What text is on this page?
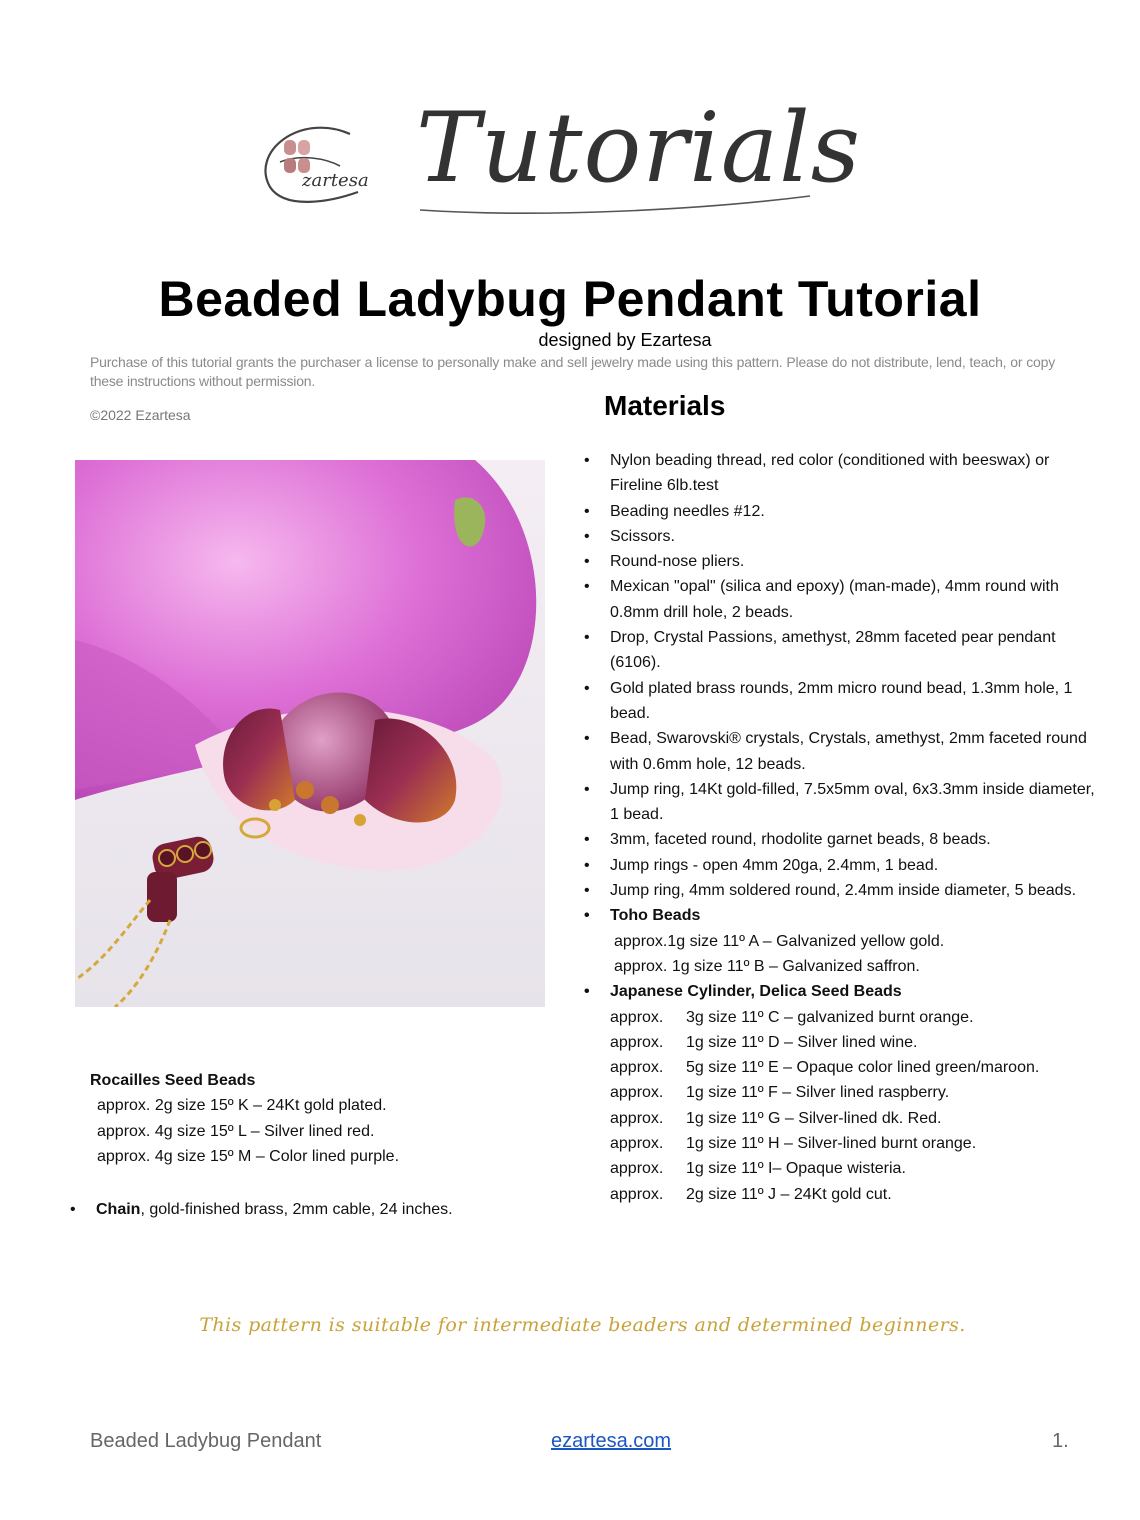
zartesa Tutorials
Beaded Ladybug Pendant Tutorial
designed by Ezartesa
Purchase of this tutorial grants the purchaser a license to personally make and sell jewelry made using this pattern. Please do not distribute, lend, teach, or copy these instructions without permission.
©2022 Ezartesa	Materials
• Nylon beading thread, red color (conditioned with beeswax) or Fireline 6lb.test
• Beading needles #12.
• Scissors.
• Round-nose pliers.
• Mexican "opal" (silica and epoxy) (man-made), 4mm round with 0.8mm drill hole, 2 beads.
• Drop, Crystal Passions, amethyst, 28mm faceted pear pendant (6106).
• Gold plated brass rounds, 2mm micro round bead, 1.3mm hole, 1 bead.
• Bead, Swarovski® crystals, Crystals, amethyst, 2mm faceted round with 0.6mm hole, 12 beads.
• Jump ring, 14Kt gold-filled, 7.5x5mm oval, 6x3.3mm inside diameter, 1 bead.
• 3mm, faceted round, rhodolite garnet beads, 8 beads.
• Jump rings - open 4mm 20ga, 2.4mm, 1 bead.
• Jump ring, 4mm soldered round, 2.4mm inside diameter, 5 beads.
• Toho Beads
approx.1g size 11º A – Galvanized yellow gold.
approx. 1g size 11º B – Galvanized saffron.
• Japanese Cylinder, Delica Seed Beads
approx.	3g size 11º C – galvanized burnt orange.
approx.	1g size 11º D – Silver lined wine.
approx.	5g size 11º E – Opaque color lined green/maroon.
approx.	1g size 11º F – Silver lined raspberry.
approx.	1g size 11º G – Silver-lined dk. Red.
approx.	1g size 11º H – Silver-lined burnt orange.
approx.	1g size 11º I– Opaque wisteria.
approx.	2g size 11º J – 24Kt gold cut.
Rocailles Seed Beads
approx. 2g size 15º K – 24Kt gold plated.
approx. 4g size 15º L – Silver lined red.
approx. 4g size 15º M – Color lined purple.
• Chain, gold-finished brass, 2mm cable, 24 inches.
This pattern is suitable for intermediate beaders and determined beginners.
Beaded Ladybug Pendant	ezartesa.com	1.
